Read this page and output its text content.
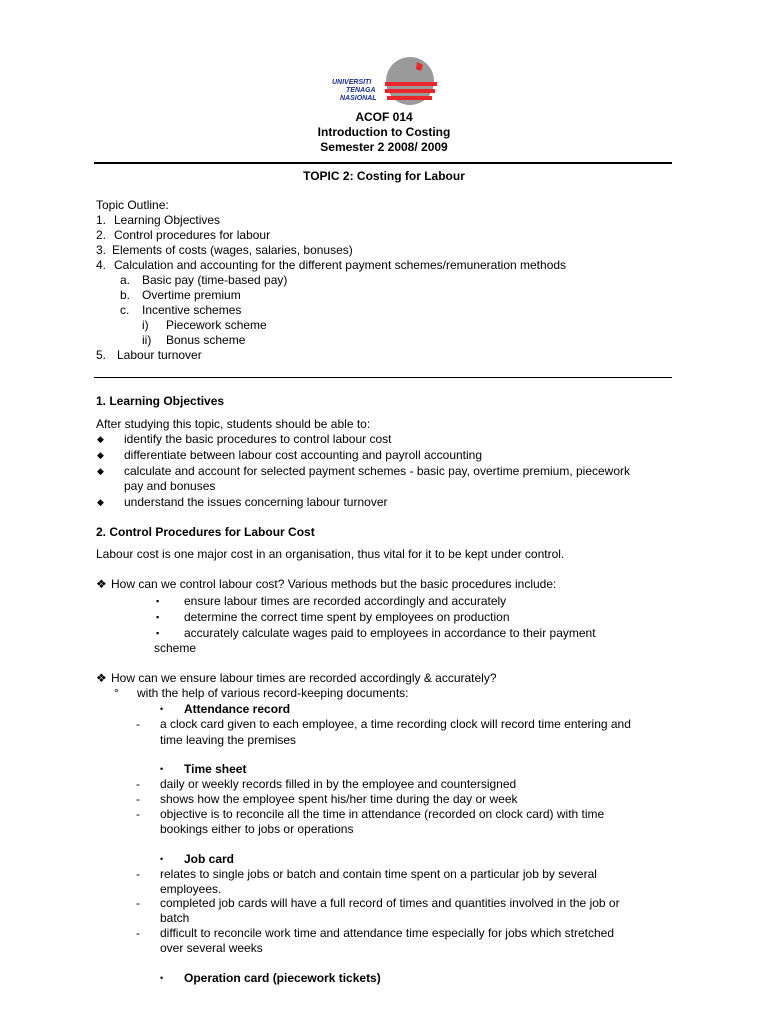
UNIVERSITI
TENAGA
NASIONAL
ACOF 014
Introduction to Costing
Semester 2 2008/ 2009
TOPIC 2: Costing for Labour
Topic Outline:
1. Learning Objectives
2. Control procedures for labour
3. Elements of costs (wages, salaries, bonuses)
4. Calculation and accounting for the different payment schemes/remuneration methods
a. Basic pay (time-based pay)
b. Overtime premium
c. Incentive schemes
i) Piecework scheme
ii) Bonus scheme
5. Labour turnover
1. Learning Objectives
After studying this topic, students should be able to:
◆ identify the basic procedures to control labour cost
◆ differentiate between labour cost accounting and payroll accounting
◆ calculate and account for selected payment schemes - basic pay, overtime premium, piecework
pay and bonuses
◆ understand the issues concerning labour turnover
2. Control Procedures for Labour Cost
Labour cost is one major cost in an organisation, thus vital for it to be kept under control.
❖ How can we control labour cost? Various methods but the basic procedures include:
▪ ensure labour times are recorded accordingly and accurately
▪ determine the correct time spent by employees on production
▪ accurately calculate wages paid to employees in accordance to their payment
scheme
❖ How can we ensure labour times are recorded accordingly & accurately?
° with the help of various record-keeping documents:
• Attendance record
- a clock card given to each employee, a time recording clock will record time entering and
time leaving the premises
• Time sheet
- daily or weekly records filled in by the employee and countersigned
- shows how the employee spent his/her time during the day or week
- objective is to reconcile all the time in attendance (recorded on clock card) with time
bookings either to jobs or operations
• Job card
- relates to single jobs or batch and contain time spent on a particular job by several
employees.
- completed job cards will have a full record of times and quantities involved in the job or
batch
- difficult to reconcile work time and attendance time especially for jobs which stretched
over several weeks
• Operation card (piecework tickets)
